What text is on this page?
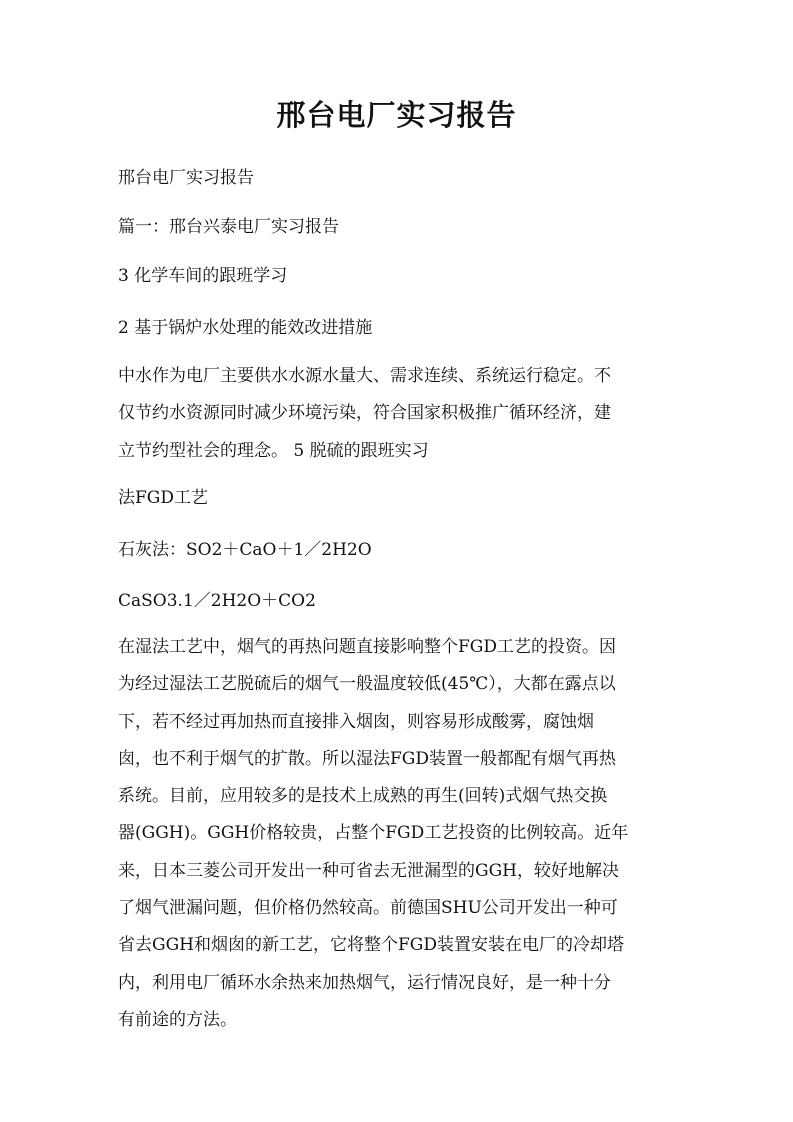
邢台电厂实习报告

邢台电厂实习报告

篇一：邢台兴泰电厂实习报告

3 化学车间的跟班学习

2 基于锅炉水处理的能效改进措施

中水作为电厂主要供水水源水量大、需求连续、系统运行稳定。不
仅节约水资源同时减少环境污染，符合国家积极推广循环经济，建
立节约型社会的理念。 5 脱硫的跟班实习

法FGD工艺

石灰法：SO2＋CaO＋1／2H2O

CaSO3.1／2H2O＋CO2

在湿法工艺中，烟气的再热问题直接影响整个FGD工艺的投资。因
为经过湿法工艺脱硫后的烟气一般温度较低(45℃），大都在露点以
下，若不经过再加热而直接排入烟囱，则容易形成酸雾，腐蚀烟
囱，也不利于烟气的扩散。所以湿法FGD装置一般都配有烟气再热
系统。目前，应用较多的是技术上成熟的再生(回转)式烟气热交换
器(GGH)。GGH价格较贵，占整个FGD工艺投资的比例较高。近年
来，日本三菱公司开发出一种可省去无泄漏型的GGH，较好地解决
了烟气泄漏问题，但价格仍然较高。前德国SHU公司开发出一种可
省去GGH和烟囱的新工艺，它将整个FGD装置安装在电厂的冷却塔
内，利用电厂循环水余热来加热烟气，运行情况良好，是一种十分
有前途的方法。
